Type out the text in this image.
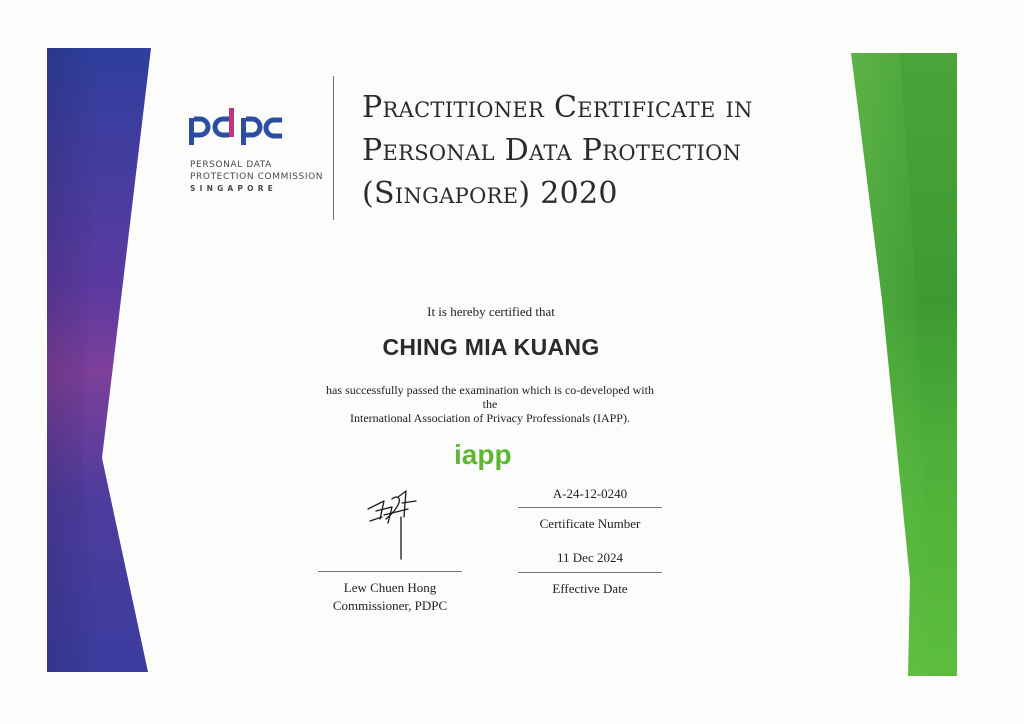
PERSONAL DATA
PROTECTION COMMISSION
SINGAPORE
Practitioner Certificate in
Personal Data Protection
(Singapore) 2020
It is hereby certified that
CHING MIA KUANG
has successfully passed the examination which is co-developed with
the
International Association of Privacy Professionals (IAPP).
iapp
Lew Chuen Hong
Commissioner, PDPC
A-24-12-0240
Certificate Number
11 Dec 2024
Effective Date
